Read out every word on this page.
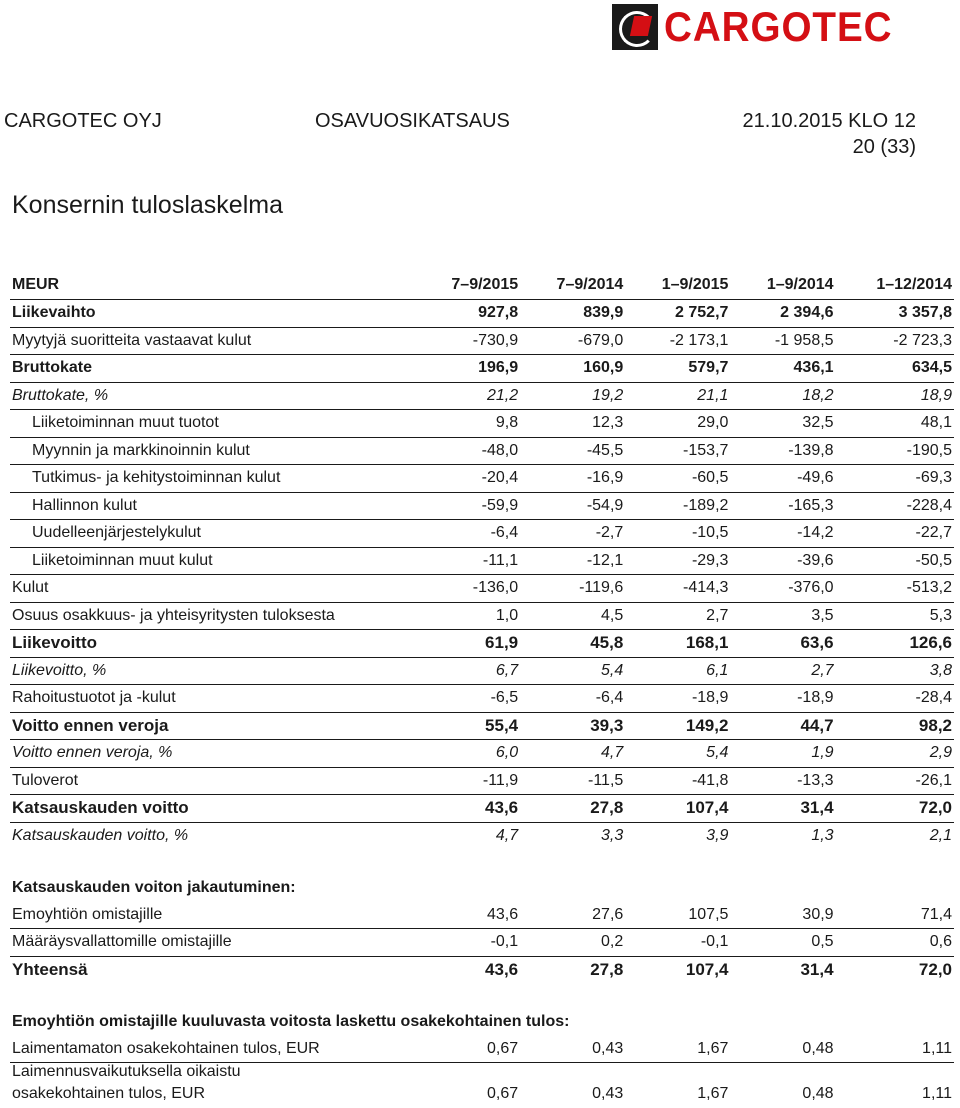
CARGOTEC
CARGOTEC OYJ	OSAVUOSIKATSAUS	21.10.2015 KLO 12
20 (33)
Konsernin tuloslaskelma
MEUR	7–9/2015	7–9/2014	1–9/2015	1–9/2014	1–12/2014
Liikevaihto	927,8	839,9	2 752,7	2 394,6	3 357,8
Myytyjä suoritteita vastaavat kulut	-730,9	-679,0	-2 173,1	-1 958,5	-2 723,3
Bruttokate	196,9	160,9	579,7	436,1	634,5
Bruttokate, %	21,2	19,2	21,1	18,2	18,9
Liiketoiminnan muut tuotot	9,8	12,3	29,0	32,5	48,1
Myynnin ja markkinoinnin kulut	-48,0	-45,5	-153,7	-139,8	-190,5
Tutkimus- ja kehitystoiminnan kulut	-20,4	-16,9	-60,5	-49,6	-69,3
Hallinnon kulut	-59,9	-54,9	-189,2	-165,3	-228,4
Uudelleenjärjestelykulut	-6,4	-2,7	-10,5	-14,2	-22,7
Liiketoiminnan muut kulut	-11,1	-12,1	-29,3	-39,6	-50,5
Kulut	-136,0	-119,6	-414,3	-376,0	-513,2
Osuus osakkuus- ja yhteisyritysten tuloksesta	1,0	4,5	2,7	3,5	5,3
Liikevoitto	61,9	45,8	168,1	63,6	126,6
Liikevoitto, %	6,7	5,4	6,1	2,7	3,8
Rahoitustuotot ja -kulut	-6,5	-6,4	-18,9	-18,9	-28,4
Voitto ennen veroja	55,4	39,3	149,2	44,7	98,2
Voitto ennen veroja, %	6,0	4,7	5,4	1,9	2,9
Tuloverot	-11,9	-11,5	-41,8	-13,3	-26,1
Katsauskauden voitto	43,6	27,8	107,4	31,4	72,0
Katsauskauden voitto, %	4,7	3,3	3,9	1,3	2,1

Katsauskauden voiton jakautuminen:					
Emoyhtiön omistajille	43,6	27,6	107,5	30,9	71,4
Määräysvallattomille omistajille	-0,1	0,2	-0,1	0,5	0,6
Yhteensä	43,6	27,8	107,4	31,4	72,0

Emoyhtiön omistajille kuuluvasta voitosta laskettu osakekohtainen tulos:					
Laimentamaton osakekohtainen tulos, EUR	0,67	0,43	1,67	0,48	1,11
Laimennusvaikutuksella oikaistu					
osakekohtainen tulos, EUR	0,67	0,43	1,67	0,48	1,11
